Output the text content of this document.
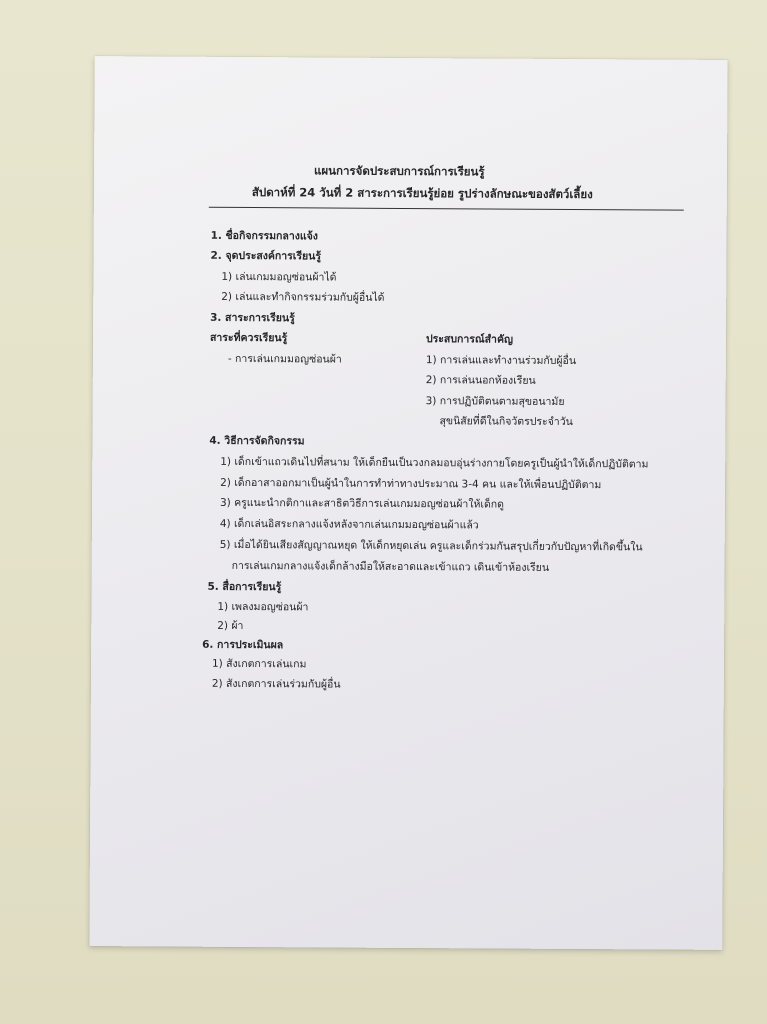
แผนการจัดประสบการณ์การเรียนรู้
สัปดาห์ที่ 24 วันที่ 2 สาระการเรียนรู้ย่อย รูปร่างลักษณะของสัตว์เลี้ยง
1. ชื่อกิจกรรมกลางแจ้ง
2. จุดประสงค์การเรียนรู้
1) เล่นเกมมอญซ่อนผ้าได้
2) เล่นและทำกิจกรรมร่วมกับผู้อื่นได้
3. สาระการเรียนรู้
สาระที่ควรเรียนรู้
- การเล่นเกมมอญซ่อนผ้า
ประสบการณ์สำคัญ
1) การเล่นและทำงานร่วมกับผู้อื่น
2) การเล่นนอกห้องเรียน
3) การปฏิบัติตนตามสุขอนามัย
สุขนิสัยที่ดีในกิจวัตรประจำวัน
4. วิธีการจัดกิจกรรม
1) เด็กเข้าแถวเดินไปที่สนาม ให้เด็กยืนเป็นวงกลมอบอุ่นร่างกายโดยครูเป็นผู้นำให้เด็กปฏิบัติตาม
2) เด็กอาสาออกมาเป็นผู้นำในการทำท่าทางประมาณ 3-4 คน และให้เพื่อนปฏิบัติตาม
3) ครูแนะนำกติกาและสาธิตวิธีการเล่นเกมมอญซ่อนผ้าให้เด็กดู
4) เด็กเล่นอิสระกลางแจ้งหลังจากเล่นเกมมอญซ่อนผ้าแล้ว
5) เมื่อได้ยินเสียงสัญญาณหยุด ให้เด็กหยุดเล่น ครูและเด็กร่วมกันสรุปเกี่ยวกับปัญหาที่เกิดขึ้นใน
การเล่นเกมกลางแจ้งเด็กล้างมือให้สะอาดและเข้าแถว เดินเข้าห้องเรียน
5. สื่อการเรียนรู้
1) เพลงมอญซ่อนผ้า
2) ผ้า
6. การประเมินผล
1) สังเกตการเล่นเกม
2) สังเกตการเล่นร่วมกับผู้อื่น
